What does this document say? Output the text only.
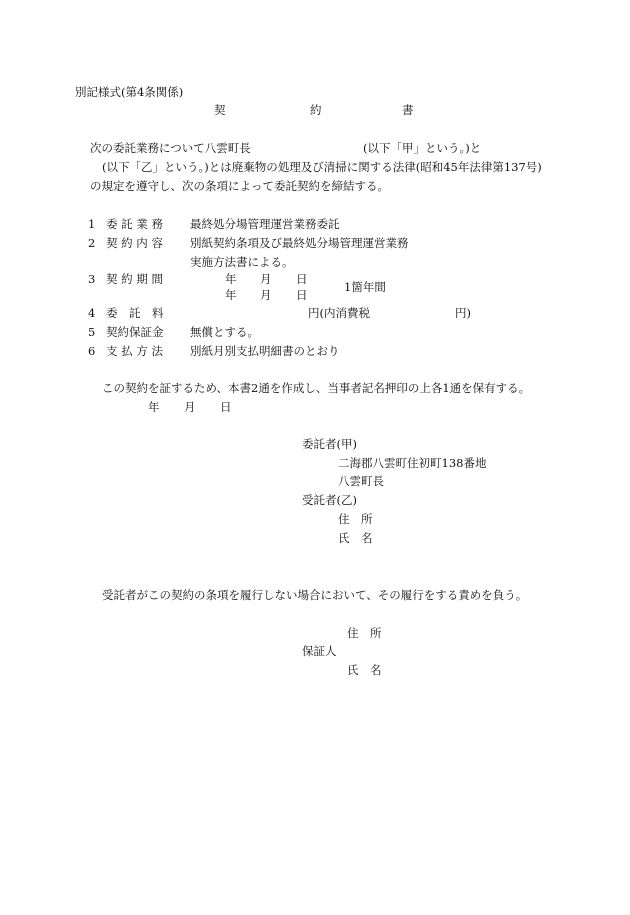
別記様式(第4条関係)
契	約	書
次の委託業務について八雲町長	(以下「甲」という。)と
(以下「乙」という。)とは廃棄物の処理及び清掃に関する法律(昭和45年法律第137号)
の規定を遵守し、次の条項によって委託契約を締結する。
1 委 託 業 務 最終処分場管理運営業務委託
2 契 約 内 容 別紙契約条項及び最終処分場管理運営業務
実施方法書による。
3 契 約 期 間	年 月 日
年 月 日
1箇年間
4 委　託　料	円(内消費税	円)
5 契約保証金 無償とする。
6 支 払 方 法 別紙月別支払明細書のとおり
この契約を証するため、本書2通を作成し、当事者記名押印の上各1通を保有する。
年 月 日
委託者(甲)
二海郡八雲町住初町138番地
八雲町長
受託者(乙)
住　所
氏　名
受託者がこの契約の条項を履行しない場合において、その履行をする責めを負う。
住　所
保証人
氏　名
